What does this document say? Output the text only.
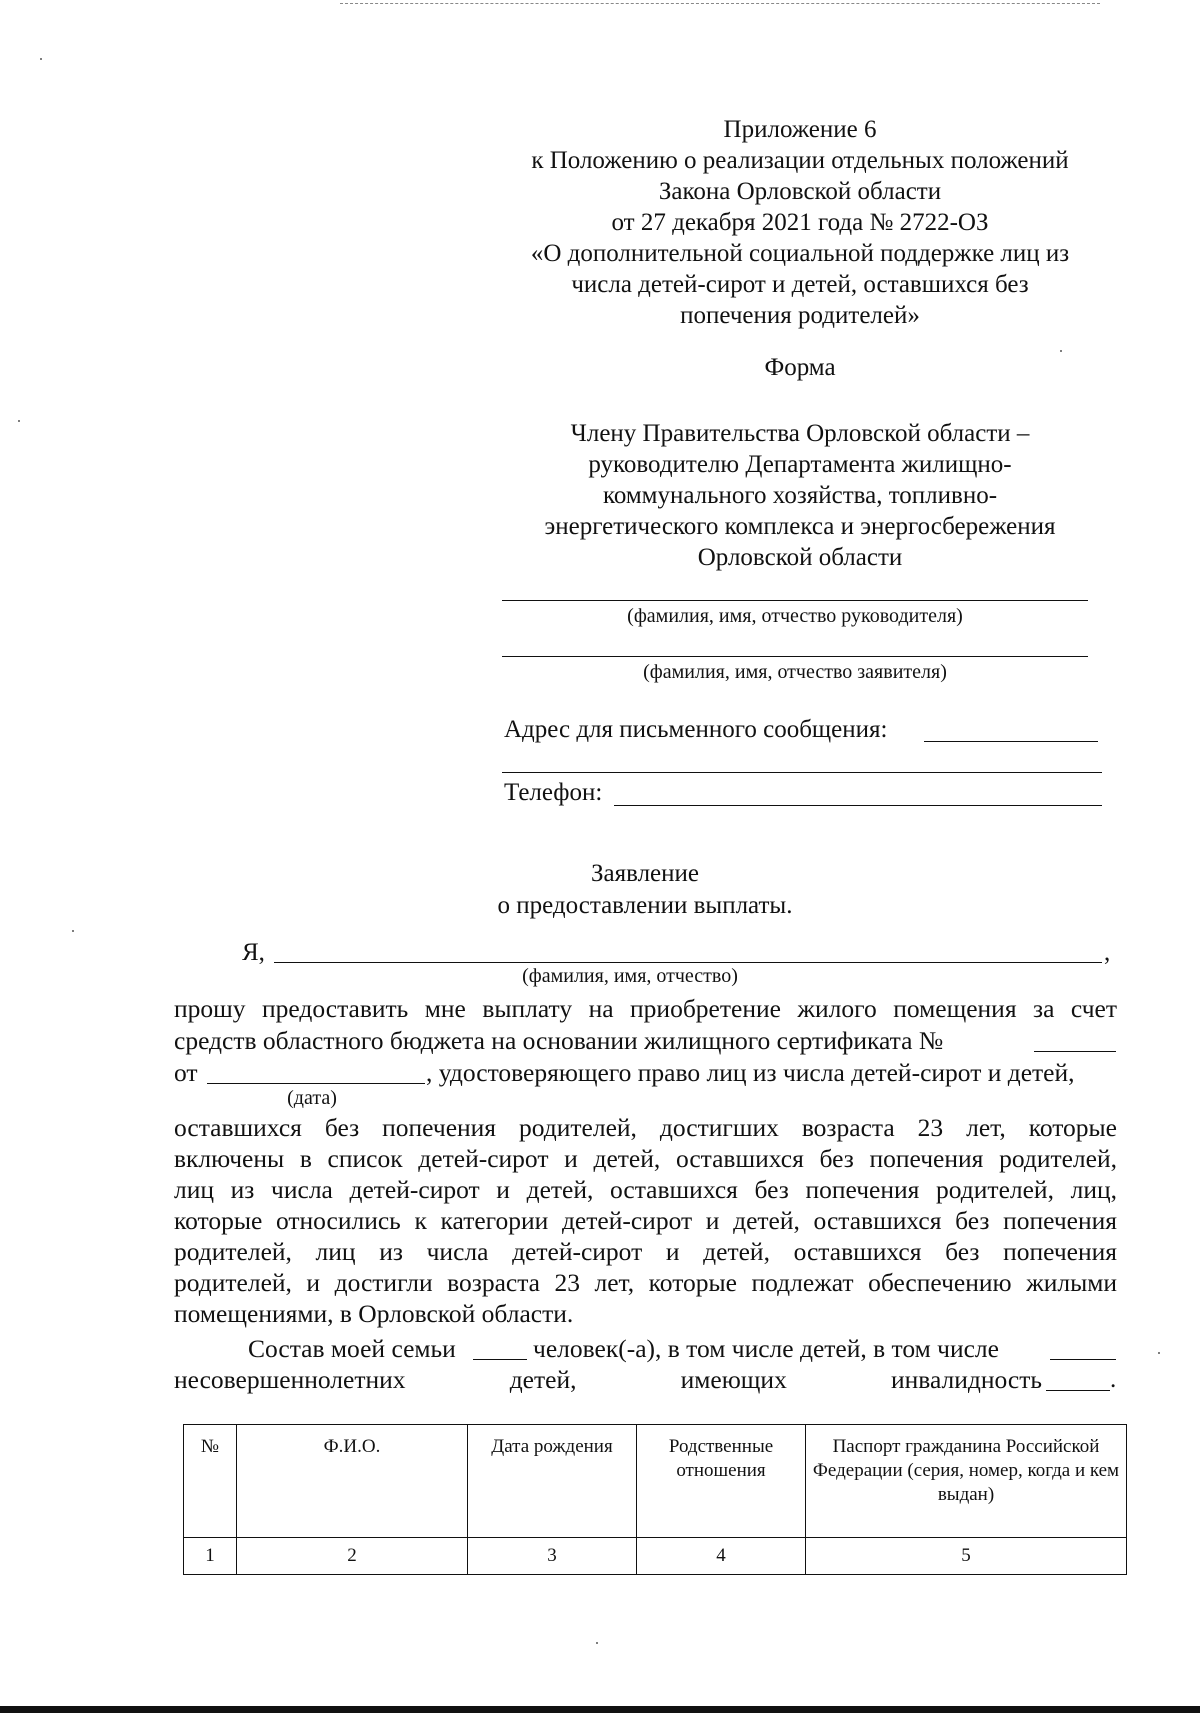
Приложение 6
к Положению о реализации отдельных положений
Закона Орловской области
от 27 декабря 2021 года № 2722-ОЗ
«О дополнительной социальной поддержке лиц из
числа детей-сирот и детей, оставшихся без
попечения родителей»
Форма
Члену Правительства Орловской области –
руководителю Департамента жилищно-
коммунального хозяйства, топливно-
энергетического комплекса и энергосбережения
Орловской области
(фамилия, имя, отчество руководителя)
(фамилия, имя, отчество заявителя)
Адрес для письменного сообщения:
Телефон:
Заявление
о предоставлении выплаты.
Я,	,
(фамилия, имя, отчество)
прошу предоставить мне выплату на приобретение жилого помещения за счет
средств областного бюджета на основании жилищного сертификата №
от	, удостоверяющего право лиц из числа детей-сирот и детей,
(дата)
оставшихся без попечения родителей, достигших возраста 23 лет, которые
включены в список детей-сирот и детей, оставшихся без попечения родителей,
лиц из числа детей-сирот и детей, оставшихся без попечения родителей, лиц,
которые относились к категории детей-сирот и детей, оставшихся без попечения
родителей, лиц из числа детей-сирот и детей, оставшихся без попечения
родителей, и достигли возраста 23 лет, которые подлежат обеспечению жилыми
помещениями, в Орловской области.
Состав моей семьи	человек(-а), в том числе детей, в том числе
несовершеннолетних детей, имеющих инвалидность	.
№	Ф.И.О.	Дата рождения	Родственные отношения	Паспорт гражданина Российской Федерации (серия, номер, когда и кем выдан)
1	2	3	4	5
